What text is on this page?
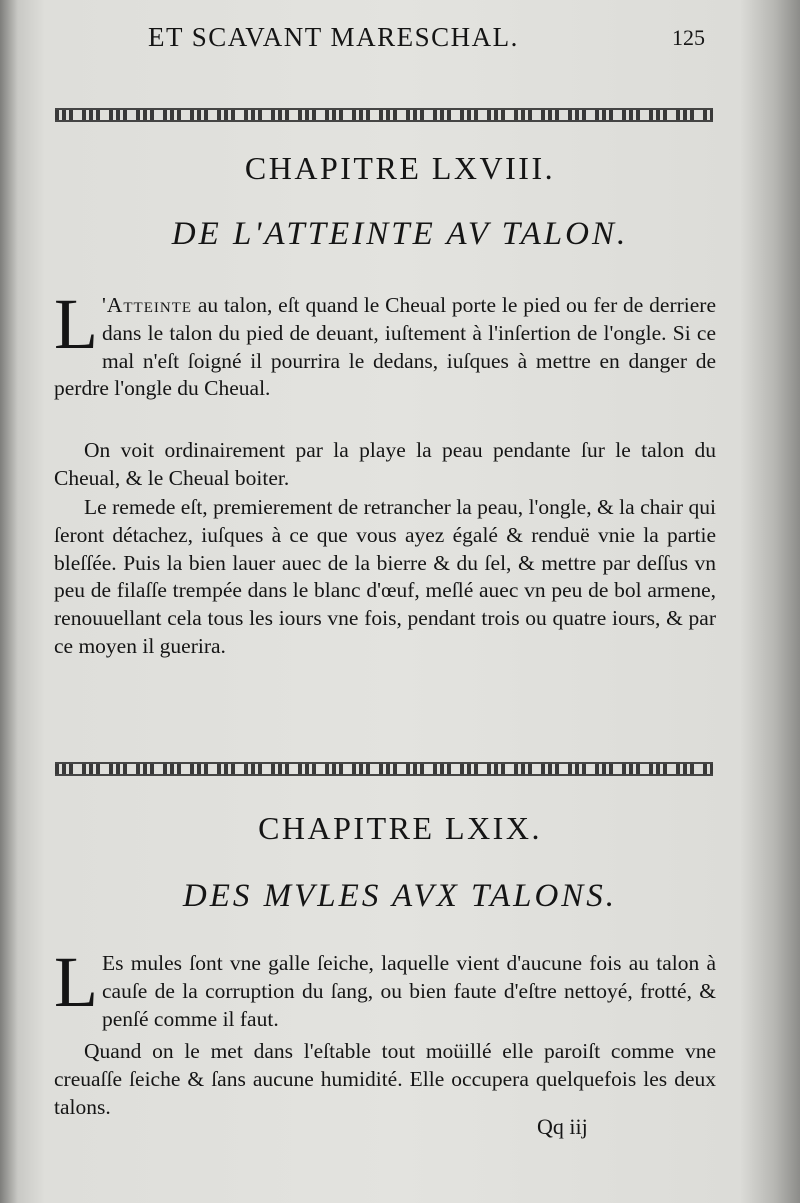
ET SCAVANT MARESCHAL.	125
CHAPITRE LXVIII.
DE L'ATTEINTE AV TALON.

L 'Atteinte au talon, eſt quand le Cheual porte le pied ou fer de derriere dans le talon du pied de deuant, iuſtement à l'inſertion de l'ongle. Si ce mal n'eſt ſoigné il pourrira le dedans, iuſques à mettre en danger de perdre l'ongle du Cheual.

On voit ordinairement par la playe la peau pendante ſur le talon du Cheual, & le Cheual boiter.

Le remede eſt, premierement de retrancher la peau, l'ongle, & la chair qui ſeront détachez, iuſques à ce que vous ayez égalé & renduë vnie la partie bleſſée. Puis la bien lauer auec de la bierre & du ſel, & mettre par deſſus vn peu de filaſſe trempée dans le blanc d'œuf, meſlé auec vn peu de bol armene, renouuellant cela tous les iours vne fois, pendant trois ou quatre iours, & par ce moyen il guerira.

CHAPITRE LXIX.
DES MVLES AVX TALONS.

L Es mules ſont vne galle ſeiche, laquelle vient d'aucune fois au talon à cauſe de la corruption du ſang, ou bien faute d'eſtre nettoyé, frotté, & penſé comme il faut.

Quand on le met dans l'eſtable tout moüillé elle paroiſt comme vne creuaſſe ſeiche & ſans aucune humidité. Elle occupera quelquefois les deux talons.

Qq iij
